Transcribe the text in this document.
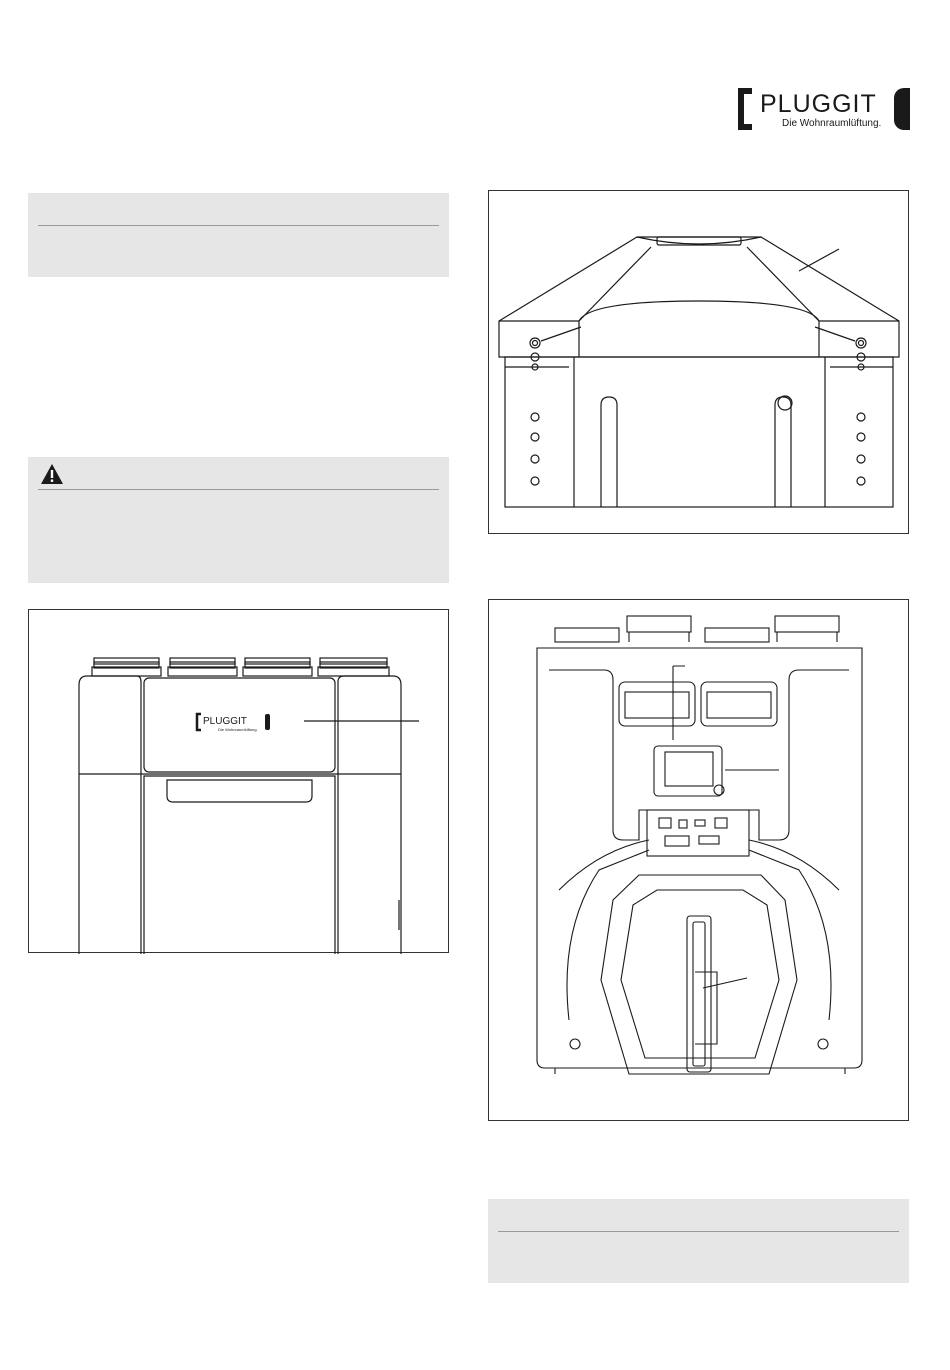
PLUGGIT
Die Wohnraumlüftung.
PLUGGIT
Die Wohnraumlüftung
